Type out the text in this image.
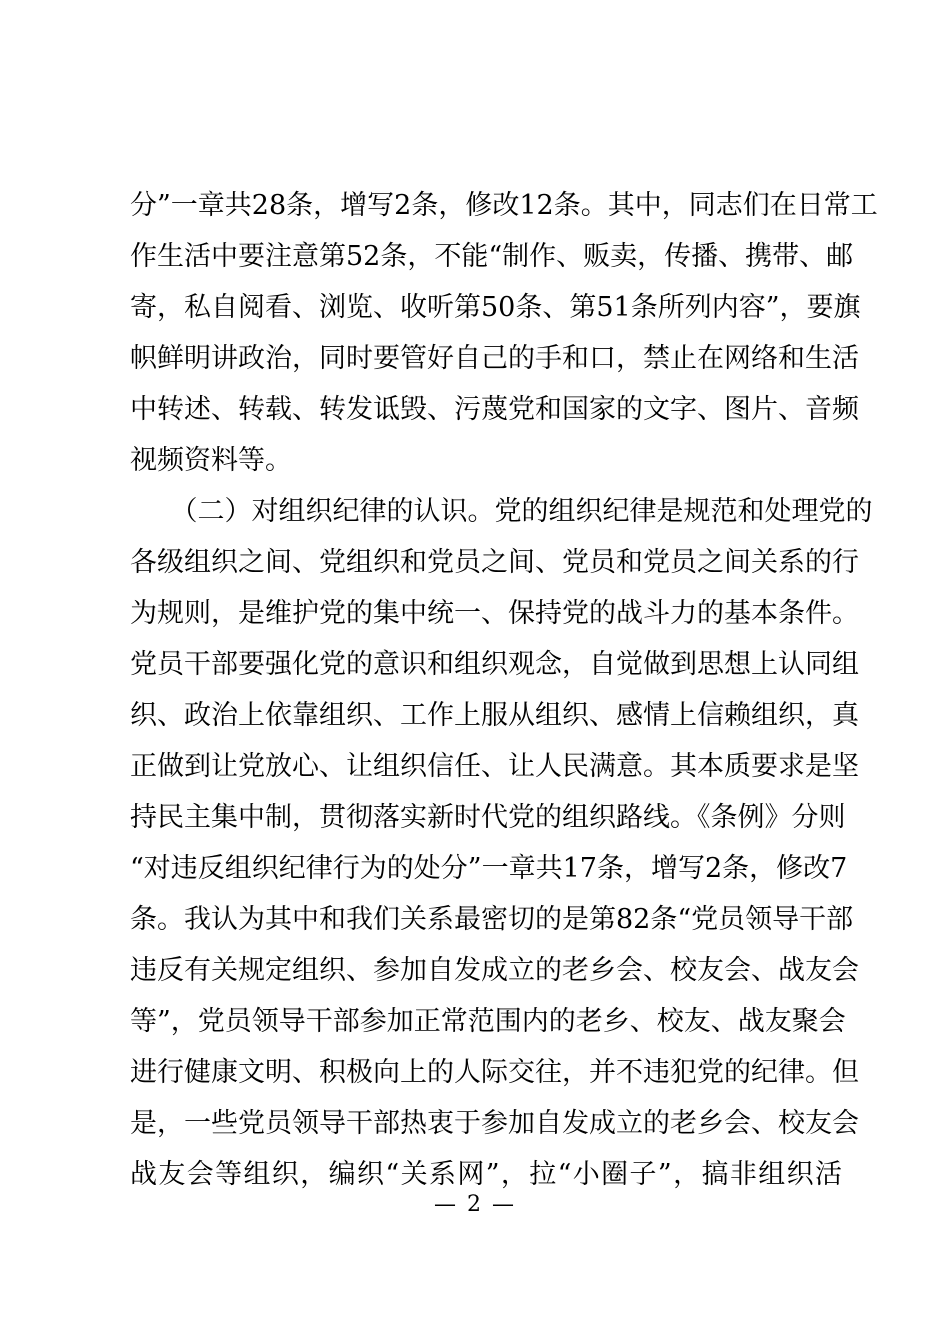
分”一章共28条，增写2条，修改12条。其中，同志们在日常工
作生活中要注意第52条，不能“制作、贩卖，传播、携带、邮
寄，私自阅看、浏览、收听第50条、第51条所列内容”，要旗
帜鲜明讲政治，同时要管好自己的手和口，禁止在网络和生活
中转述、转载、转发诋毁、污蔑党和国家的文字、图片、音频
视频资料等。
　　（二）对组织纪律的认识。党的组织纪律是规范和处理党的
各级组织之间、党组织和党员之间、党员和党员之间关系的行
为规则，是维护党的集中统一、保持党的战斗力的基本条件。
党员干部要强化党的意识和组织观念，自觉做到思想上认同组
织、政治上依靠组织、工作上服从组织、感情上信赖组织，真
正做到让党放心、让组织信任、让人民满意。其本质要求是坚
持民主集中制，贯彻落实新时代党的组织路线。《条例》分则
“对违反组织纪律行为的处分”一章共17条，增写2条，修改7
条。我认为其中和我们关系最密切的是第82条“党员领导干部
违反有关规定组织、参加自发成立的老乡会、校友会、战友会
等”，党员领导干部参加正常范围内的老乡、校友、战友聚会
进行健康文明、积极向上的人际交往，并不违犯党的纪律。但
是，一些党员领导干部热衷于参加自发成立的老乡会、校友会
战友会等组织，编织“关系网”，拉“小圈子”，搞非组织活
— 2 —
